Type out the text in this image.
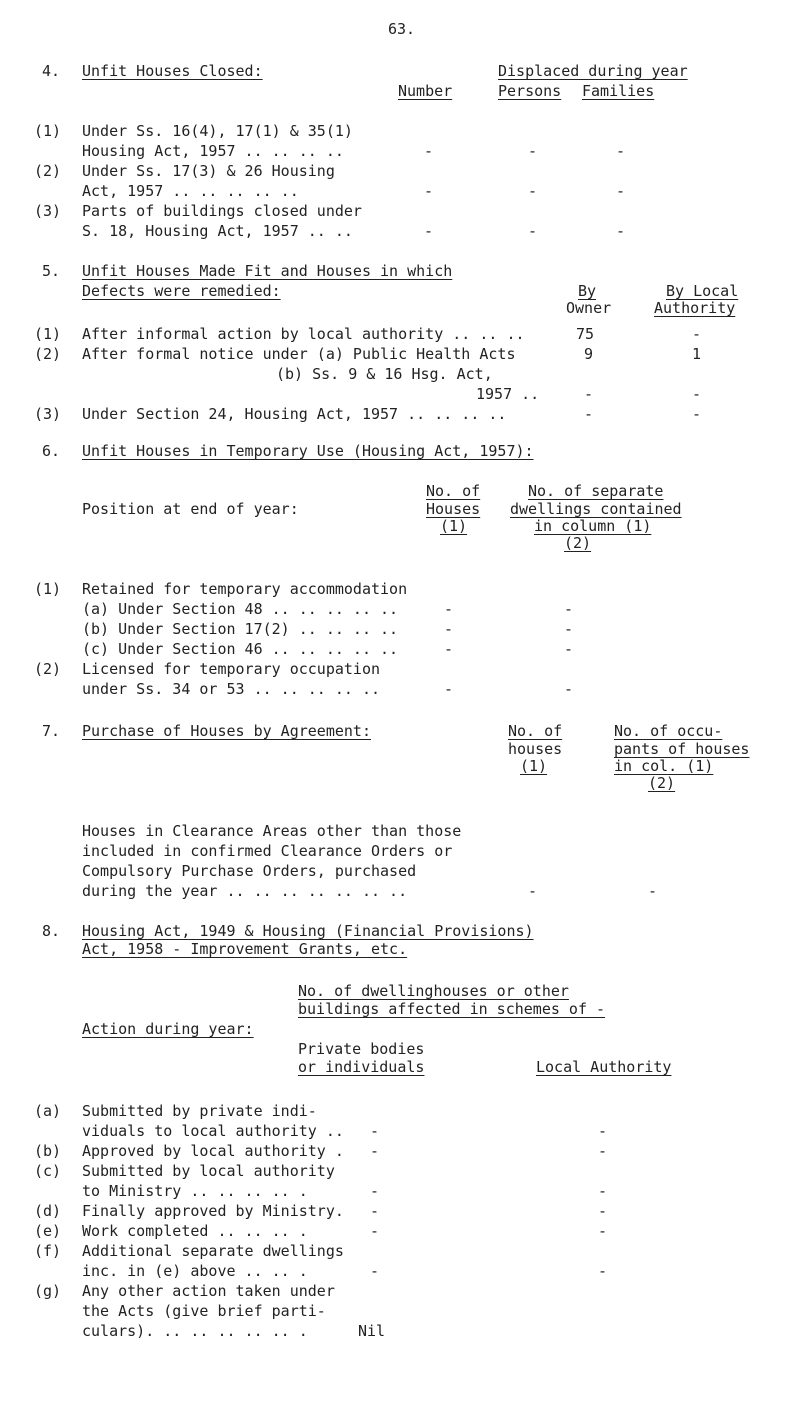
63.
4. Unfit Houses Closed:	Displaced during year
Number	Persons Families
(1) Under Ss. 16(4), 17(1) & 35(1)
Housing Act, 1957 .. .. .. ..	-	-	-
(2) Under Ss. 17(3) & 26 Housing
Act, 1957 .. .. .. .. ..	-	-	-
(3) Parts of buildings closed under
S. 18, Housing Act, 1957 .. ..	-	-	-
5. Unfit Houses Made Fit and Houses in which
Defects were remedied:	By
Owner
By Local
Authority
(1) After informal action by local authority .. .. ..	75	-
(2) After formal notice under (a) Public Health Acts	9	1
(b) Ss. 9 & 16 Hsg. Act,
1957 ..	-	-
(3) Under Section 24, Housing Act, 1957 .. .. .. ..	-	-
6. Unfit Houses in Temporary Use (Housing Act, 1957):
No. of
Houses
(1)
No. of separate
dwellings contained
in column (1)
(2)
Position at end of year:
(1) Retained for temporary accommodation
(a) Under Section 48 .. .. .. .. ..	-	-
(b) Under Section 17(2) .. .. .. ..	-	-
(c) Under Section 46 .. .. .. .. ..	-	-
(2) Licensed for temporary occupation
under Ss. 34 or 53 .. .. .. .. ..	-	-
7. Purchase of Houses by Agreement:	No. of
houses
(1)
No. of occu-
pants of houses
in col. (1)
(2)
Houses in Clearance Areas other than those
included in confirmed Clearance Orders or
Compulsory Purchase Orders, purchased
during the year .. .. .. .. .. .. ..	-	-
8. Housing Act, 1949 & Housing (Financial Provisions)
Act, 1958 - Improvement Grants, etc.
No. of dwellinghouses or other
buildings affected in schemes of -
Action during year:
Private bodies
or individuals	Local Authority
(a) Submitted by private indi-
viduals to local authority .. -	-
(b) Approved by local authority . -	-
(c) Submitted by local authority
to Ministry .. .. .. .. .	-	-
(d) Finally approved by Ministry. -	-
(e) Work completed .. .. .. .	-	-
(f) Additional separate dwellings
inc. in (e) above .. .. .	-	-
(g) Any other action taken under
the Acts (give brief parti-
culars). .. .. .. .. .. .	Nil
